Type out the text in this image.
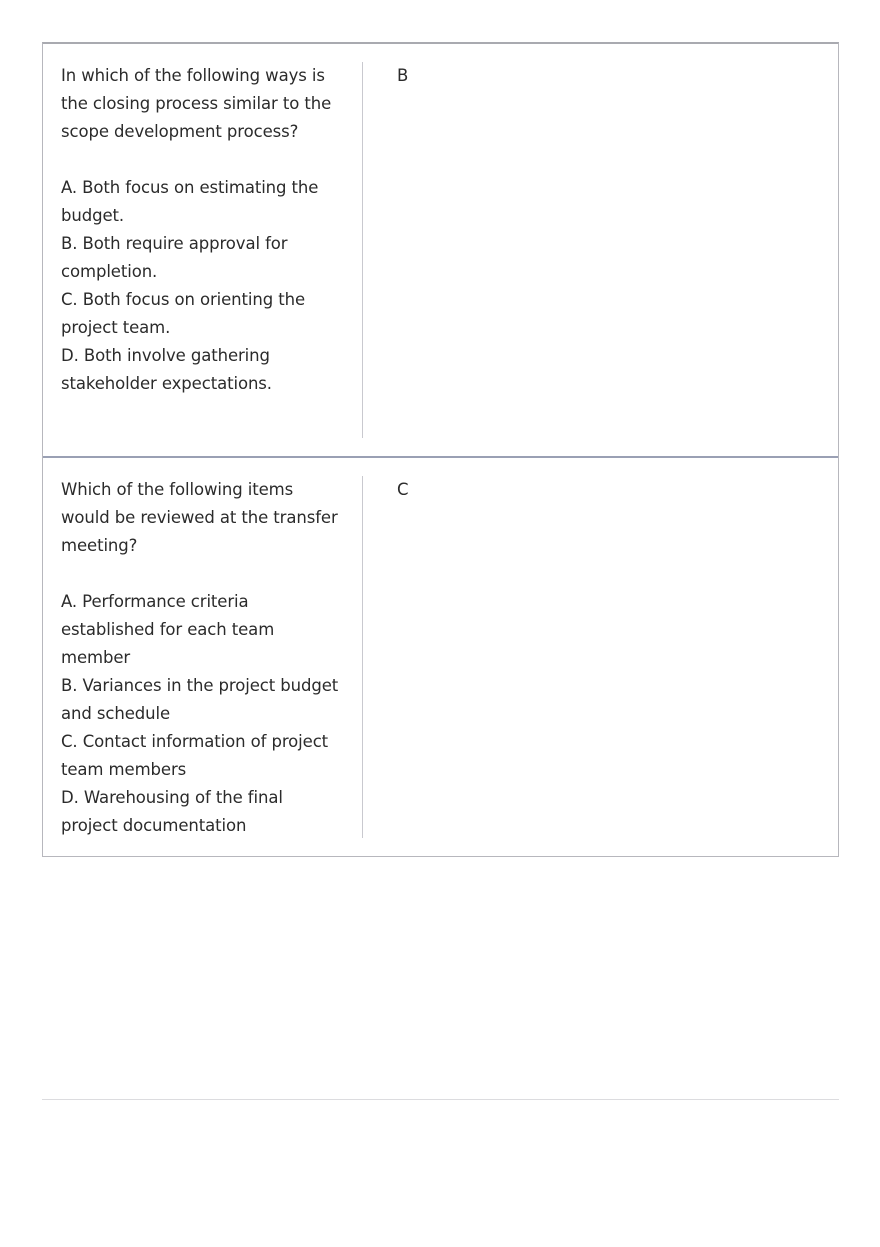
In which of the following ways is the closing process similar to the scope development process?

A. Both focus on estimating the budget.

B. Both require approval for completion.

C. Both focus on orienting the project team.

D. Both involve gathering stakeholder expectations.

B

Which of the following items would be reviewed at the transfer meeting?

A. Performance criteria established for each team member

B. Variances in the project budget and schedule

C. Contact information of project team members

D. Warehousing of the final project documentation

C
